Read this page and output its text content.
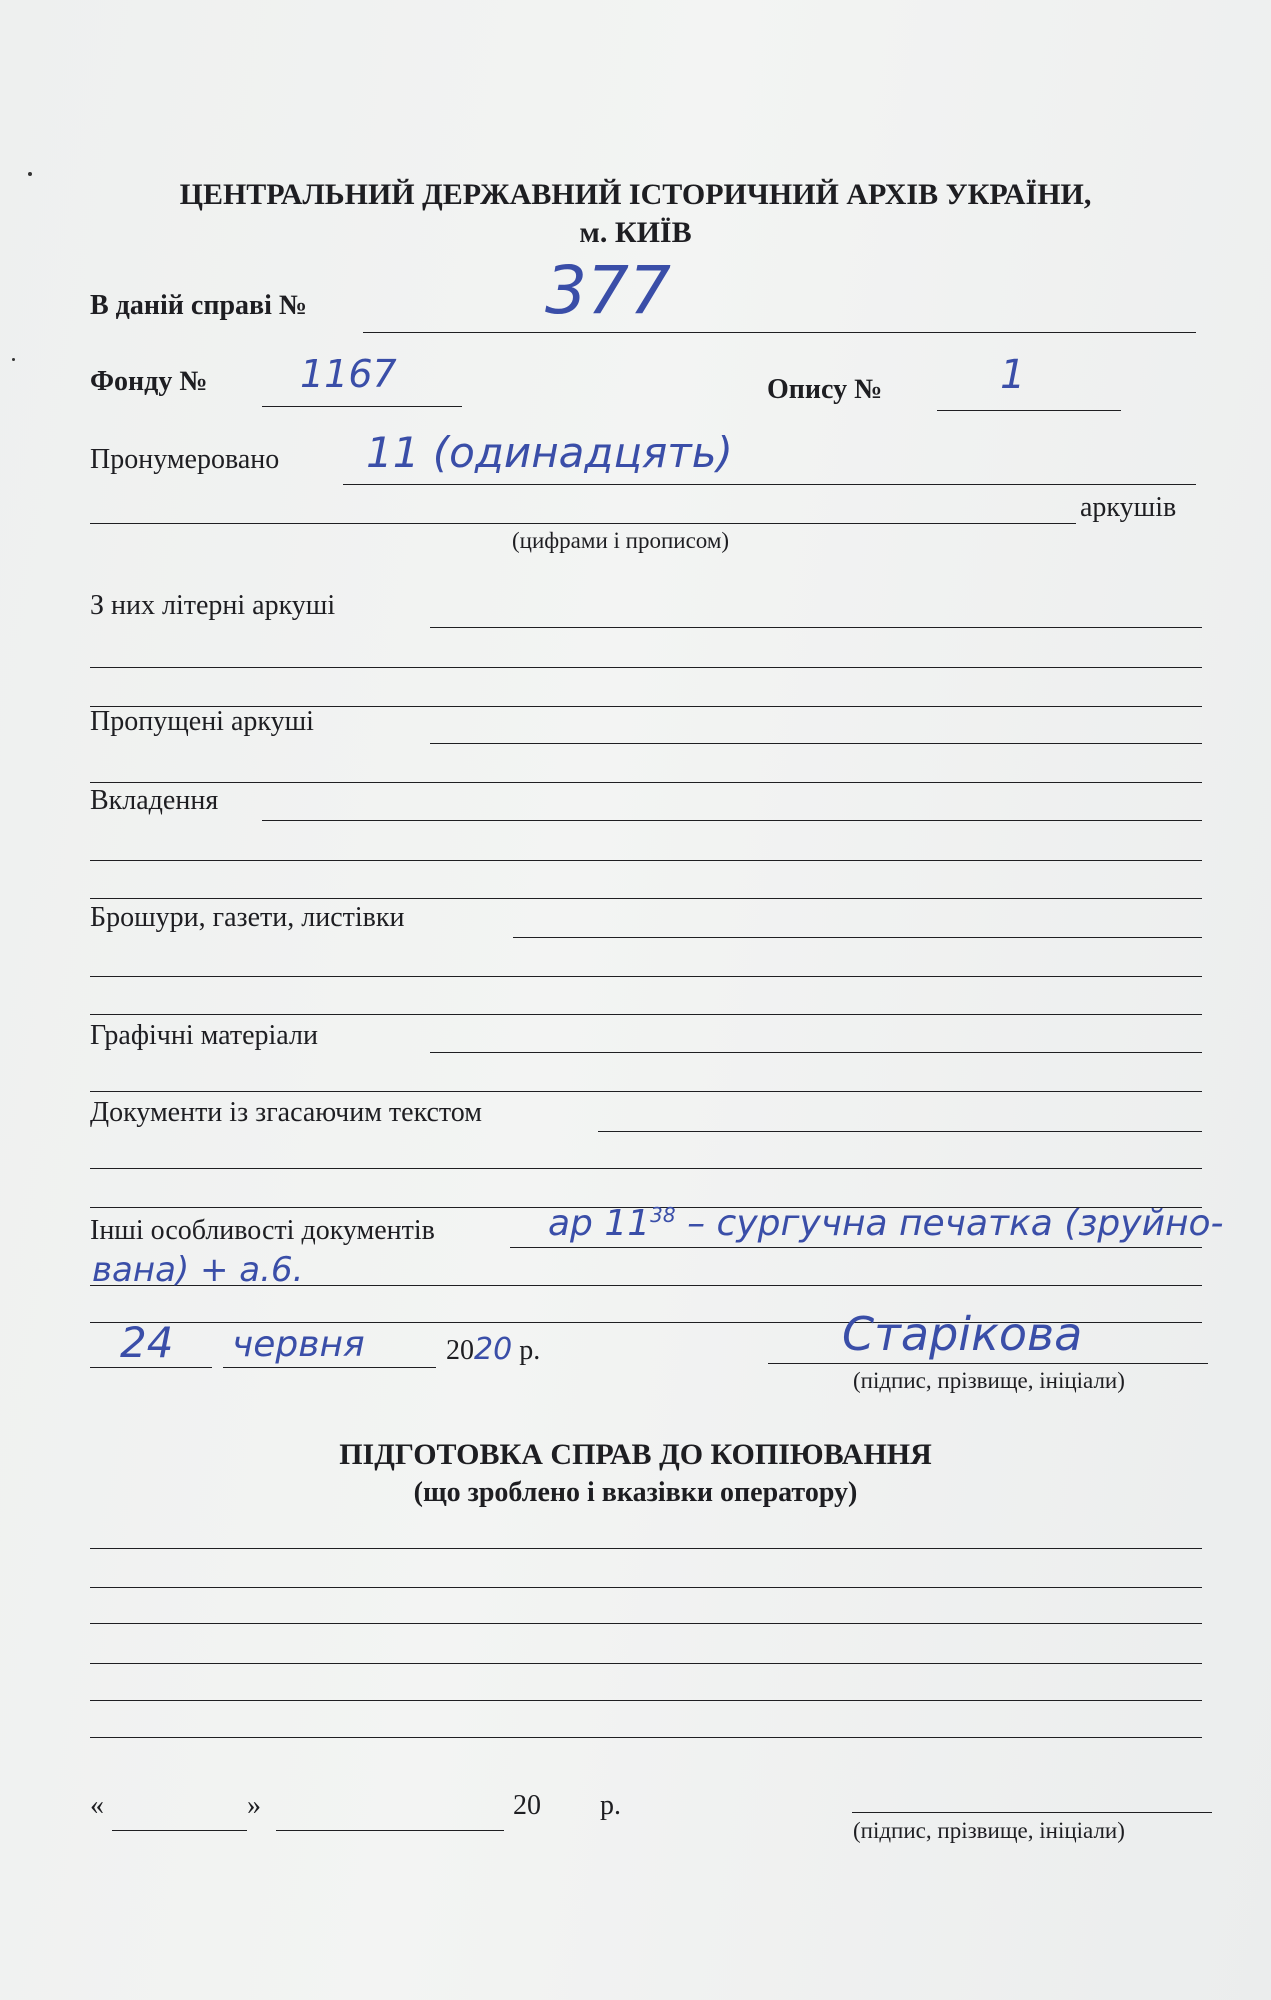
ЦЕНТРАЛЬНИЙ ДЕРЖАВНИЙ ІСТОРИЧНИЙ АРХІВ УКРАЇНИ,
м. КИЇВ
В даній справі №	377
Фонду № 1167	Опису №	1
Пронумеровано 11 (одинадцять)
аркушів
(цифрами і прописом)
З них літерні аркуші
Пропущені аркуші
Вкладення
Брошури, газети, листівки
Графічні матеріали
Документи із згасаючим текстом
Інші особливості документів	ар $11^{38}$ – сургучна печатка (зруйно-
вана) + a.6.
24 червня	2020 р.	Старікова
(підпис, прізвище, ініціали)
ПІДГОТОВКА СПРАВ ДО КОПІЮВАННЯ
(що зроблено і вказівки оператору)
«	»	20 р.
(підпис, прізвище, ініціали)
